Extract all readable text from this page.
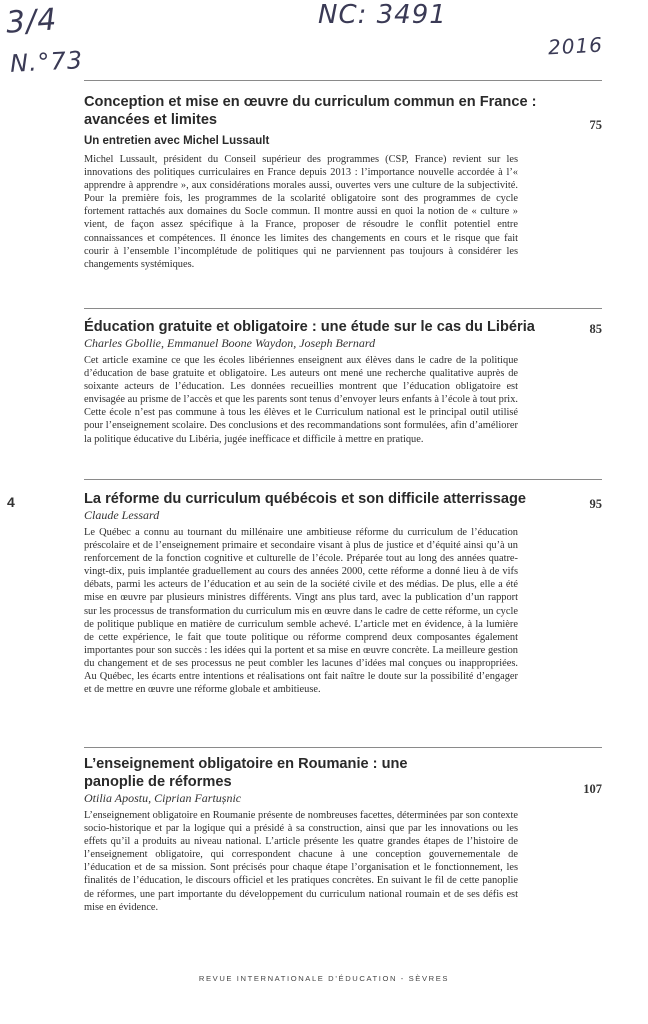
3/4
N.°73
NC: 3491
2016
4
75
Conception et mise en œuvre du curriculum commun en France : avancées et limites
Un entretien avec Michel Lussault

Michel Lussault, président du Conseil supérieur des programmes (CSP, France) revient sur les innovations des politiques curriculaires en France depuis 2013 : l’importance nouvelle accordée à l’« apprendre à apprendre », aux considérations morales aussi, ouvertes vers une culture de la subjectivité. Pour la première fois, les programmes de la scolarité obligatoire sont des programmes de cycle fortement rattachés aux domaines du Socle commun. Il montre aussi en quoi la notion de « culture » vient, de façon assez spécifique à la France, proposer de résoudre le conflit potentiel entre connaissances et compétences. Il énonce les limites des changements en cours et le risque que fait courir à l’ensemble l’incomplétude de politiques qui ne parviennent pas toujours à considérer les changements systémiques.

85
Éducation gratuite et obligatoire : une étude sur le cas du Libéria
Charles Gbollie, Emmanuel Boone Waydon, Joseph Bernard

Cet article examine ce que les écoles libériennes enseignent aux élèves dans le cadre de la politique d’éducation de base gratuite et obligatoire. Les auteurs ont mené une recherche qualitative auprès de soixante acteurs de l’éducation. Les données recueillies montrent que l’éducation obligatoire est envisagée au prisme de l’accès et que les parents sont tenus d’envoyer leurs enfants à l’école à tout prix. Cette école n’est pas commune à tous les élèves et le Curriculum national est le principal outil utilisé pour l’enseignement scolaire. Des conclusions et des recommandations sont formulées, afin d’améliorer la politique éducative du Libéria, jugée inefficace et difficile à mettre en pratique.

95
La réforme du curriculum québécois et son difficile atterrissage
Claude Lessard

Le Québec a connu au tournant du millénaire une ambitieuse réforme du curriculum de l’éducation préscolaire et de l’enseignement primaire et secondaire visant à plus de justice et d’équité ainsi qu’à un renforcement de la fonction cognitive et culturelle de l’école. Préparée tout au long des années quatre-vingt-dix, puis implantée graduellement au cours des années 2000, cette réforme a donné lieu à de vifs débats, parmi les acteurs de l’éducation et au sein de la société civile et des médias. De plus, elle a été mise en œuvre par plusieurs ministres différents. Vingt ans plus tard, avec la publication d’un rapport sur les processus de transformation du curriculum mis en œuvre dans le cadre de cette réforme, un cycle de politique publique en matière de curriculum semble achevé. L’article met en évidence, à la lumière de cette expérience, le fait que toute politique ou réforme comprend deux composantes également importantes pour son succès : les idées qui la portent et sa mise en œuvre concrète. La meilleure gestion du changement et de ses processus ne peut combler les lacunes d’idées mal conçues ou inappropriées. Au Québec, les écarts entre intentions et réalisations ont fait naître le doute sur la possibilité d’engager et de mettre en œuvre une réforme globale et ambitieuse.

107
L’enseignement obligatoire en Roumanie : une panoplie de réformes
Otilia Apostu, Ciprian Fartușnic

L’enseignement obligatoire en Roumanie présente de nombreuses facettes, déterminées par son contexte socio-historique et par la logique qui a présidé à sa construction, ainsi que par les innovations ou les effets qu’il a produits au niveau national. L’article présente les quatre grandes étapes de l’histoire de l’enseignement obligatoire, qui correspondent chacune à une conception gouvernementale de l’éducation et de sa mission. Sont précisés pour chaque étape l’organisation et le fonctionnement, les finalités de l’éducation, le discours officiel et les pratiques concrètes. En suivant le fil de cette panoplie de réformes, une part importante du développement du curriculum national roumain et de ses défis est mise en évidence.

REVUE INTERNATIONALE D’ÉDUCATION - SÈVRES
